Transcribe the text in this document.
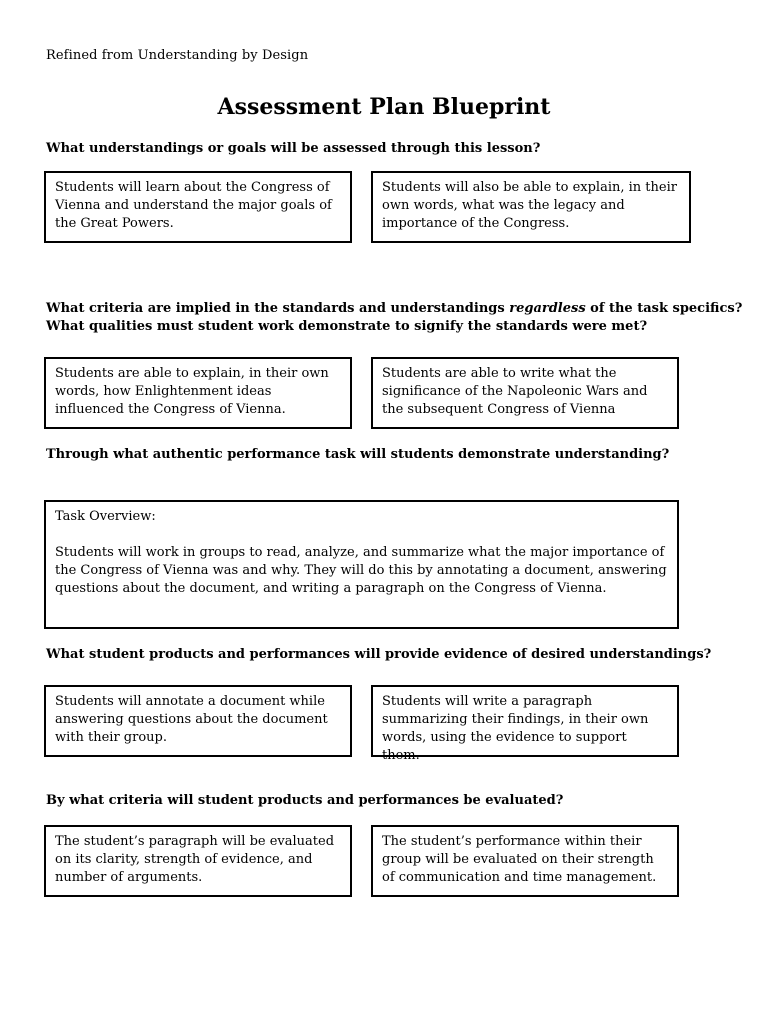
Refined from Understanding by Design
Assessment Plan Blueprint
What understandings or goals will be assessed through this lesson?
Students will learn about the Congress of Vienna and understand the major goals of the Great Powers.
Students will also be able to explain, in their own words, what was the legacy and importance of the Congress.
What criteria are implied in the standards and understandings regardless of the task specifics?
What qualities must student work demonstrate to signify the standards were met?
Students are able to explain, in their own words, how Enlightenment ideas influenced the Congress of Vienna.
Students are able to write what the significance of the Napoleonic Wars and the subsequent Congress of Vienna
Through what authentic performance task will students demonstrate understanding?
Task Overview:
Students will work in groups to read, analyze, and summarize what the major importance of the Congress of Vienna was and why. They will do this by annotating a document, answering questions about the document, and writing a paragraph on the Congress of Vienna.
What student products and performances will provide evidence of desired understandings?
Students will annotate a document while answering questions about the document with their group.
Students will write a paragraph summarizing their findings, in their own words, using the evidence to support them.
By what criteria will student products and performances be evaluated?
The student’s paragraph will be evaluated on its clarity, strength of evidence, and number of arguments.
The student’s performance within their group will be evaluated on their strength of communication and time management.
